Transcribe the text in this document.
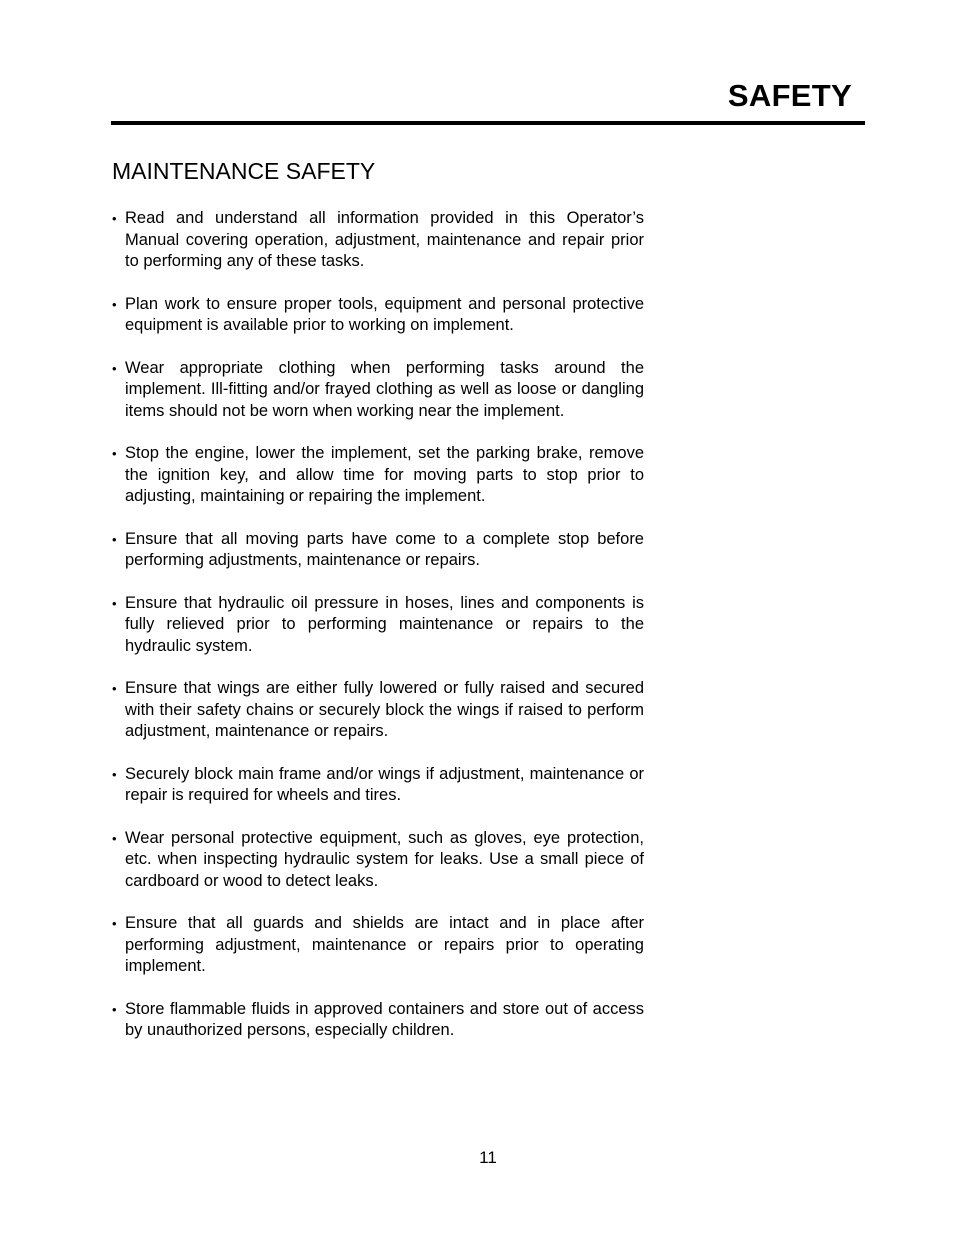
SAFETY
MAINTENANCE SAFETY
• Read and understand all information provided in this Operator’s Manual covering operation, adjustment, maintenance and repair prior to performing any of these tasks.
• Plan work to ensure proper tools, equipment and personal protective equipment is available prior to working on implement.
• Wear appropriate clothing when performing tasks around the implement. Ill-fitting and/or frayed clothing as well as loose or dangling items should not be worn when working near the implement.
• Stop the engine, lower the implement, set the parking brake, remove the ignition key, and allow time for moving parts to stop prior to adjusting, maintaining or repairing the implement.
• Ensure that all moving parts have come to a complete stop before performing adjustments, maintenance or repairs.
• Ensure that hydraulic oil pressure in hoses, lines and components is fully relieved prior to performing maintenance or repairs to the hydraulic system.
• Ensure that wings are either fully lowered or fully raised and secured with their safety chains or securely block the wings if raised to perform adjustment, maintenance or repairs.
• Securely block main frame and/or wings if adjustment, maintenance or repair is required for wheels and tires.
• Wear personal protective equipment, such as gloves, eye protection, etc. when inspecting hydraulic system for leaks. Use a small piece of cardboard or wood to detect leaks.
• Ensure that all guards and shields are intact and in place after performing adjustment, maintenance or repairs prior to operating implement.
• Store flammable fluids in approved containers and store out of access by unauthorized persons, especially children.
11
